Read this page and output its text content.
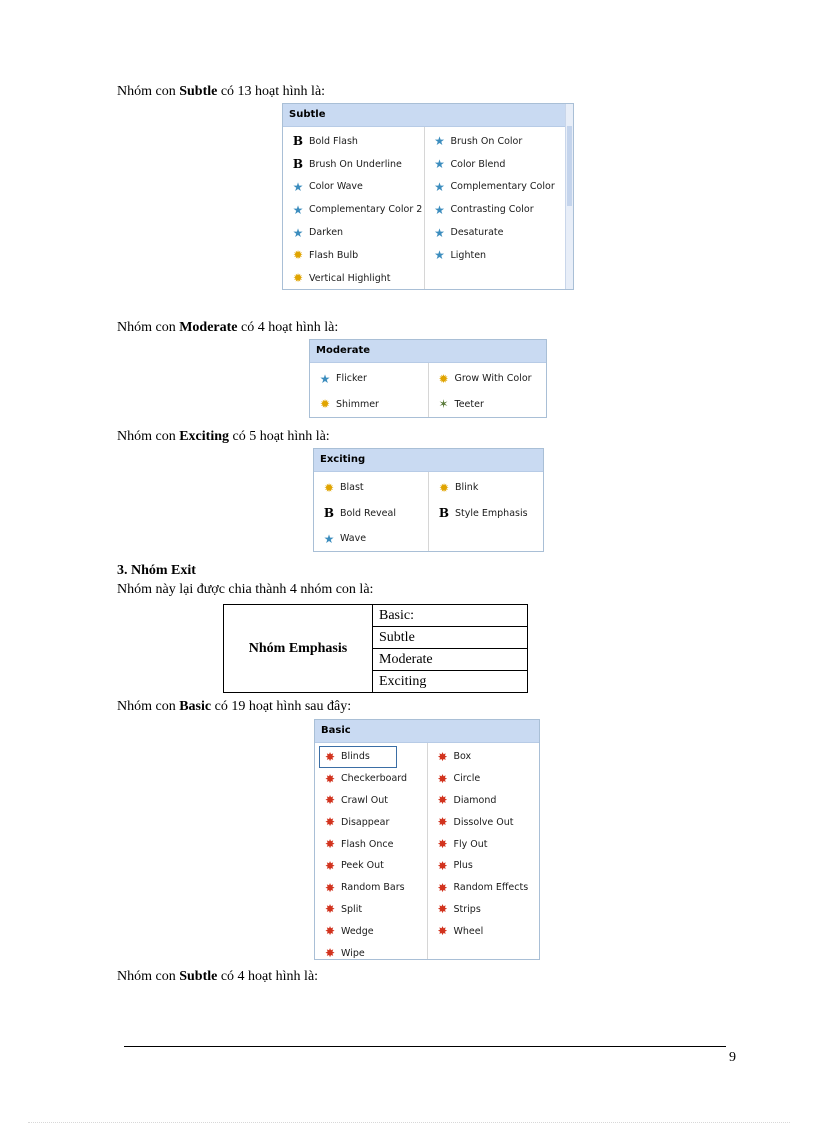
Nhóm con Subtle có 13 hoạt hình là:
Subtle
B Bold Flash
B Brush On Underline
★ Color Wave
★ Complementary Color 2
★ Darken
✹ Flash Bulb
✹ Vertical Highlight
★ Brush On Color
★ Color Blend
★ Complementary Color
★ Contrasting Color
★ Desaturate
★ Lighten
Nhóm con Moderate có 4 hoạt hình là:
Moderate
★ Flicker
✹ Shimmer
✹ Grow With Color
✶ Teeter
Nhóm con Exciting có 5 hoạt hình là:
Exciting
✹ Blast
B Bold Reveal
★ Wave
✹ Blink
B Style Emphasis
3. Nhóm Exit
Nhóm này lại được chia thành 4 nhóm con là:
Nhóm Emphasis	Basic:
Subtle
Moderate
Exciting
Nhóm con Basic có 19 hoạt hình sau đây:
Basic
✸ Blinds
✸ Checkerboard
✸ Crawl Out
✸ Disappear
✸ Flash Once
✸ Peek Out
✸ Random Bars
✸ Split
✸ Wedge
✸ Wipe
✸ Box
✸ Circle
✸ Diamond
✸ Dissolve Out
✸ Fly Out
✸ Plus
✸ Random Effects
✸ Strips
✸ Wheel
Nhóm con Subtle có 4 hoạt hình là:
9
